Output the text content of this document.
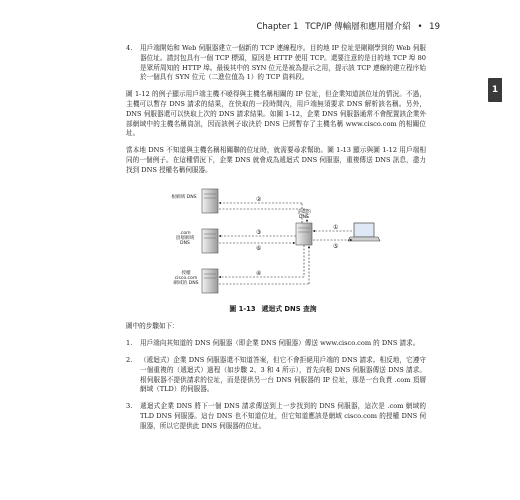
Chapter 1 TCP/IP 傳輸層和應用層介紹 • 19
1
4.	用戶端開始和 Web 伺服器建立一個新的 TCP 連線程序。目的地 IP 位址是剛剛學到的 Web 伺服器位址。請封包具有一個 TCP 標頭，原因是 HTTP 使用 TCP。還要注意的是目的地 TCP 埠 80 是眾所周知的 HTTP 埠。最後其中的 SYN 位元是被為提示之用，提示該 TCP 連線的建立程序始於一個具有 SYN 位元（二進位值為 1）的 TCP 資料段。

圖 1-12 的例子顯示用戶端主機不曉得與主機名稱相關的 IP 位址，但企業知道該位址的情況。不過，主機可以暫存 DNS 請求的結果，在快取的一段時間內，用戶端無須要求 DNS 解析該名稱。另外，DNS 伺服器還可以快取上次的 DNS 請求結果。如圖 1-12，企業 DNS 伺服器通常不會配置該企業外部網域中的主機名稱資訊，因而該例子取決於 DNS 已經暫存了主機名稱 www.cisco.com 的相關位址。

當本地 DNS 不知道與主機名稱相關聯的位址時，就需要尋求幫助。圖 1-13 顯示與圖 1-12 用戶端相同的一個例子。在這種情況下，企業 DNS 就會成為遞迴式 DNS 伺服器，重複傳送 DNS 訊息，盡力找到 DNS 授權名稱伺服器。

①
②
③
④
⑤
⑥
根網域 DNS
.com
頂層網域
DNS
授權
cisco.com
網域的 DNS
企業的
DNS
圖 1-13 遞迴式 DNS 查詢

圖中的步驟如下：

1.	用戶端向其知道的 DNS 伺服器（即企業 DNS 伺服器）傳送 www.cisco.com 的 DNS 請求。
2.	（遞迴式）企業 DNS 伺服器還不知道答案，但它不會拒絕用戶端的 DNS 請求。相反地，它遵守一個重複的（遞迴式）過程（如步驟 2、3 和 4 所示），首先向根 DNS 伺服器傳送 DNS 請求。根伺服器不提供請求的位址，而是提供另一台 DNS 伺服器的 IP 位址，那是一台負責 .com 頂層網域（TLD）的伺服器。
3.	遞迴式企業 DNS 將下一個 DNS 請求傳送到上一步找到的 DNS 伺服器，這次是 .com 網域的 TLD DNS 伺服器。這台 DNS 也不知道位址，但它知道應該是網域 cisco.com 的授權 DNS 伺服器，所以它提供此 DNS 伺服器的位址。
